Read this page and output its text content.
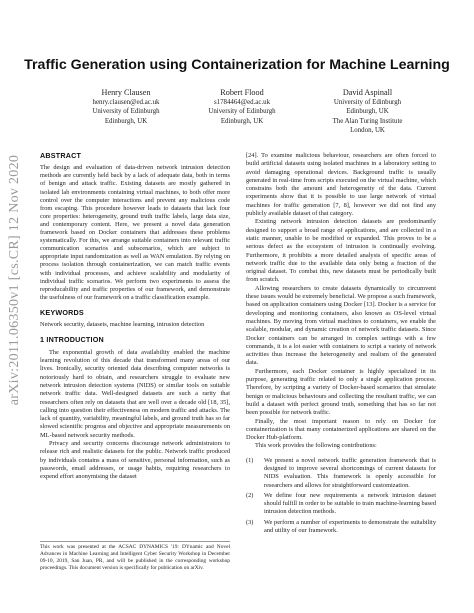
arXiv:2011.06350v1 [cs.CR] 12 Nov 2020
Traffic Generation using Containerization for Machine Learning
Henry Clausen
henry.clausen@ed.ac.uk
University of Edinburgh
Edinburgh, UK
Robert Flood
s1784464@ed.ac.uk
University of Edinburgh
Edinburgh, UK
David Aspinall
University of Edinburgh
Edinburgh, UK
The Alan Turing Institute
London, UK
ABSTRACT

The design and evaluation of data-driven network intrusion detection methods are currently held back by a lack of adequate data, both in terms of benign and attack traffic. Existing datasets are mostly gathered in isolated lab environments containing virtual machines, to both offer more control over the computer interactions and prevent any malicious code from escaping. This procedure however leads to datasets that lack four core properties: heterogeneity, ground truth traffic labels, large data size, and contemporary content. Here, we present a novel data generation framework based on Docker containers that addresses these problems systematically. For this, we arrange suitable containers into relevant traffic communication scenarios and subscenarios, which are subject to appropriate input randomization as well as WAN emulation. By relying on process isolation through containerization, we can match traffic events with individual processes, and achieve scalability and modularity of individual traffic scenarios. We perform two experiments to assess the reproducability and traffic properties of our framework, and demonstrate the usefulness of our framework on a traffic classification example.

KEYWORDS

Network security, datasets, machine learning, intrusion detection

1 INTRODUCTION

The exponential growth of data availability enabled the machine learning revolution of this decade that transformed many areas of our lives. Ironically, security oriented data describing computer networks is notoriously hard to obtain, and researchers struggle to evaluate new network intrusion detection systems (NIDS) or similar tools on suitable network traffic data. Well-designed datasets are such a rarity that researchers often rely on datasets that are well over a decade old [18, 35], calling into question their effectiveness on modern traffic and attacks. The lack of quantity, variability, meaningful labels, and ground truth has so far slowed scientific progress and objective and appropriate measurements on ML-based network security methods.

Privacy and security concerns discourage network administrators to release rich and realistic datasets for the public. Network traffic produced by individuals contains a mass of sensitive, personal information, such as passwords, email addresses, or usage habits, requiring researchers to expend effort anonymising the dataset

This work was presented at the ACSAC DYNAMICS '19: DYnamic and Novel Advances in Machine Learning and Intelligent Cyber Security Workshop in December 09-10, 2019, San Juan, PR, and will be published in the corresponding workshop proceedings. This document version is specifically for publication on arXiv.

[24]. To examine malicious behaviour, researchers are often forced to build artificial datasets using isolated machines in a laboratory setting to avoid damaging operational devices. Background traffic is usually generated in real-time from scripts executed on the virtual machine, which constrains both the amount and heterogeneity of the data. Current experiments show that it is possible to use large network of virtual machines for traffic generation [7, 8], however we did not find any publicly available dataset of that category.

Existing network intrusion detection datasets are predominantly designed to support a broad range of applications, and are collected in a static manner, unable to be modified or expanded. This proves to be a serious defect as the ecosystem of intrusion is continually evolving. Furthermore, it prohibits a more detailed analysis of specific areas of network traffic due to the available data only being a fraction of the original dataset. To combat this, new datasets must be periodically built from scratch.

Allowing researchers to create datasets dynamically to circumvent these issues would be extremely beneficial. We propose a such framework, based on application containers using Docker [13]. Docker is a service for developing and monitoring containers, also known as OS-level virtual machines. By moving from virtual machines to containers, we enable the scalable, modular, and dynamic creation of network traffic datasets. Since Docker containers can be arranged in complex settings with a few commands, it is a lot easier with containers to script a variety of network activities thus increase the heterogeneity and realism of the generated data.

Furthermore, each Docker container is highly specialized in its purpose, generating traffic related to only a single application process. Therefore, by scripting a variety of Docker-based scenarios that simulate benign or malicious behaviours and collecting the resultant traffic, we can build a dataset with perfect ground truth, something that has so far not been possible for network traffic.

Finally, the most important reason to rely on Docker for containerization is that many containerized applications are shared on the Docker Hub-platform.

This work provides the following contributions:

(1) We present a novel network traffic generation framework that is designed to improve several shortcomings of current datasets for NIDS evaluation. This framework is openly accessible for researchers and allows for straightforward customization.
(2) We define four new requirements a network intrusion dataset should fulfill in order to be suitable to train machine-learning based intrusion detection methods.
(3) We perform a number of experiments to demonstrate the suitability and utility of our framework.
